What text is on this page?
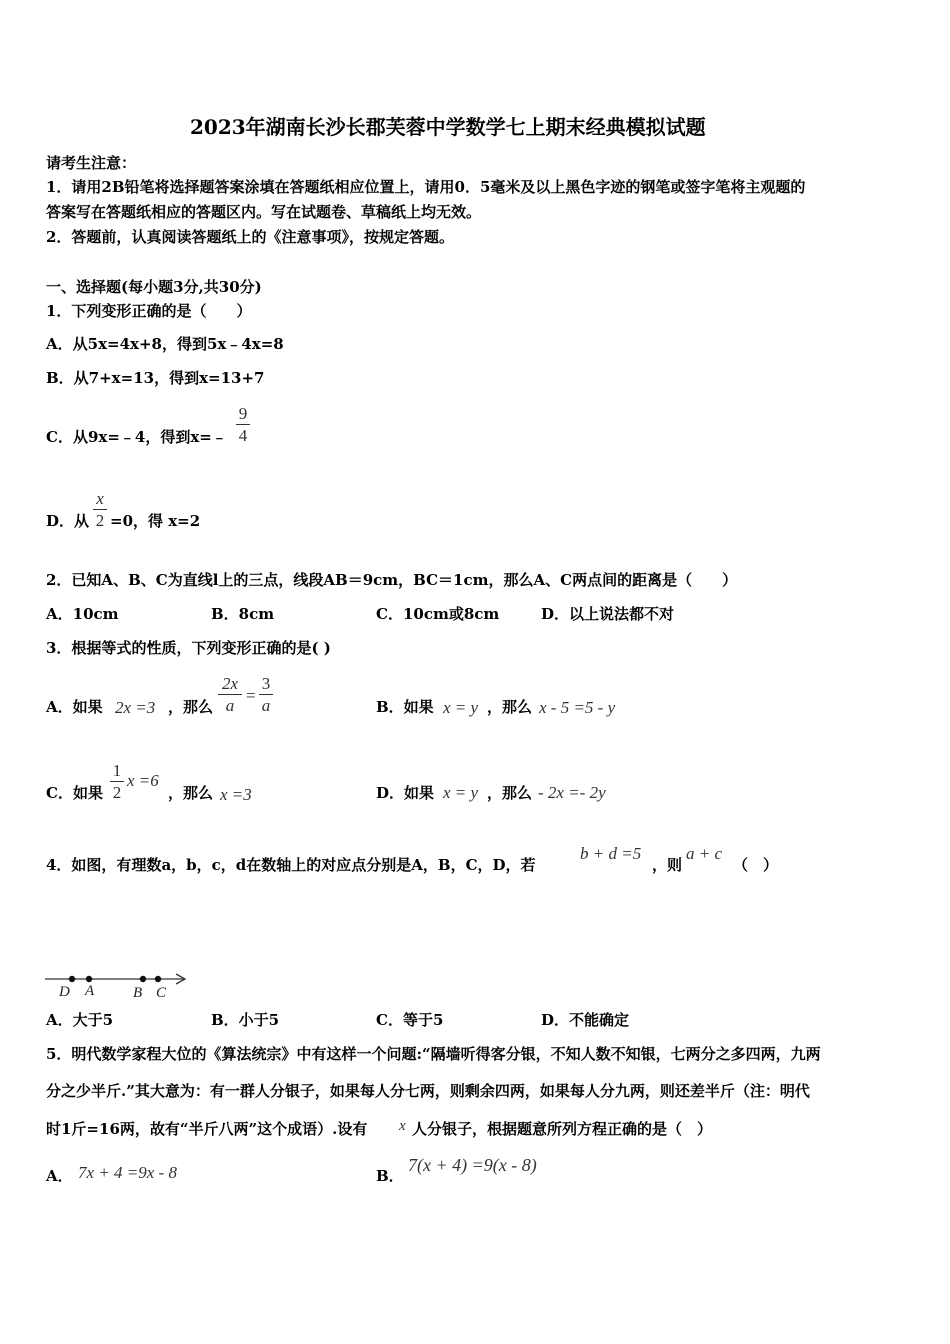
2023年湖南长沙长郡芙蓉中学数学七上期末经典模拟试题
请考生注意：
1．请用2B铅笔将选择题答案涂填在答题纸相应位置上，请用0．5毫米及以上黑色字迹的钢笔或签字笔将主观题的
答案写在答题纸相应的答题区内。写在试题卷、草稿纸上均无效。
2．答题前，认真阅读答题纸上的《注意事项》，按规定答题。
一、选择题(每小题3分,共30分)
1．下列变形正确的是（　　）
A．从5x=4x+8，得到5x﹣4x=8
B．从7+x=13，得到x=13+7
C．从9x=﹣4，得到x=﹣
9
4
D．从
x
2 =0，得 x=2
2．已知A、B、C为直线l上的三点，线段AB＝9cm，BC＝1cm，那么A、C两点间的距离是（　　）
A．10cm	B．8cm	C．10cm或8cm	D．以上说法都不对
3．根据等式的性质，下列变形正确的是( )
A．如果 2x =3 ，那么
2x
a
=
3
a	B．如果 x = y ，那么 x - 5 =5 - y
C．如果
1
2
x =6
，那么 x =3	D．如果 x = y ，那么 - 2x =- 2y
4．如图，有理数a，b，c，d在数轴上的对应点分别是A，B，C，D，若
b + d =5
，则
a + c
（　）
D A	B C
A．大于5	B．小于5	C．等于5	D．不能确定
5．明代数学家程大位的《算法统宗》中有这样一个问题:“隔墙听得客分银，不知人数不知银，七两分之多四两，九两
分之少半斤.”其大意为：有一群人分银子，如果每人分七两，则剩余四两，如果每人分九两，则还差半斤（注：明代
时1斤=16两，故有“半斤八两”这个成语）.设有 x 人分银子，根据题意所列方程正确的是（　）
A． 7x + 4 =9x - 8	B．
7(x + 4) =9(x - 8)
